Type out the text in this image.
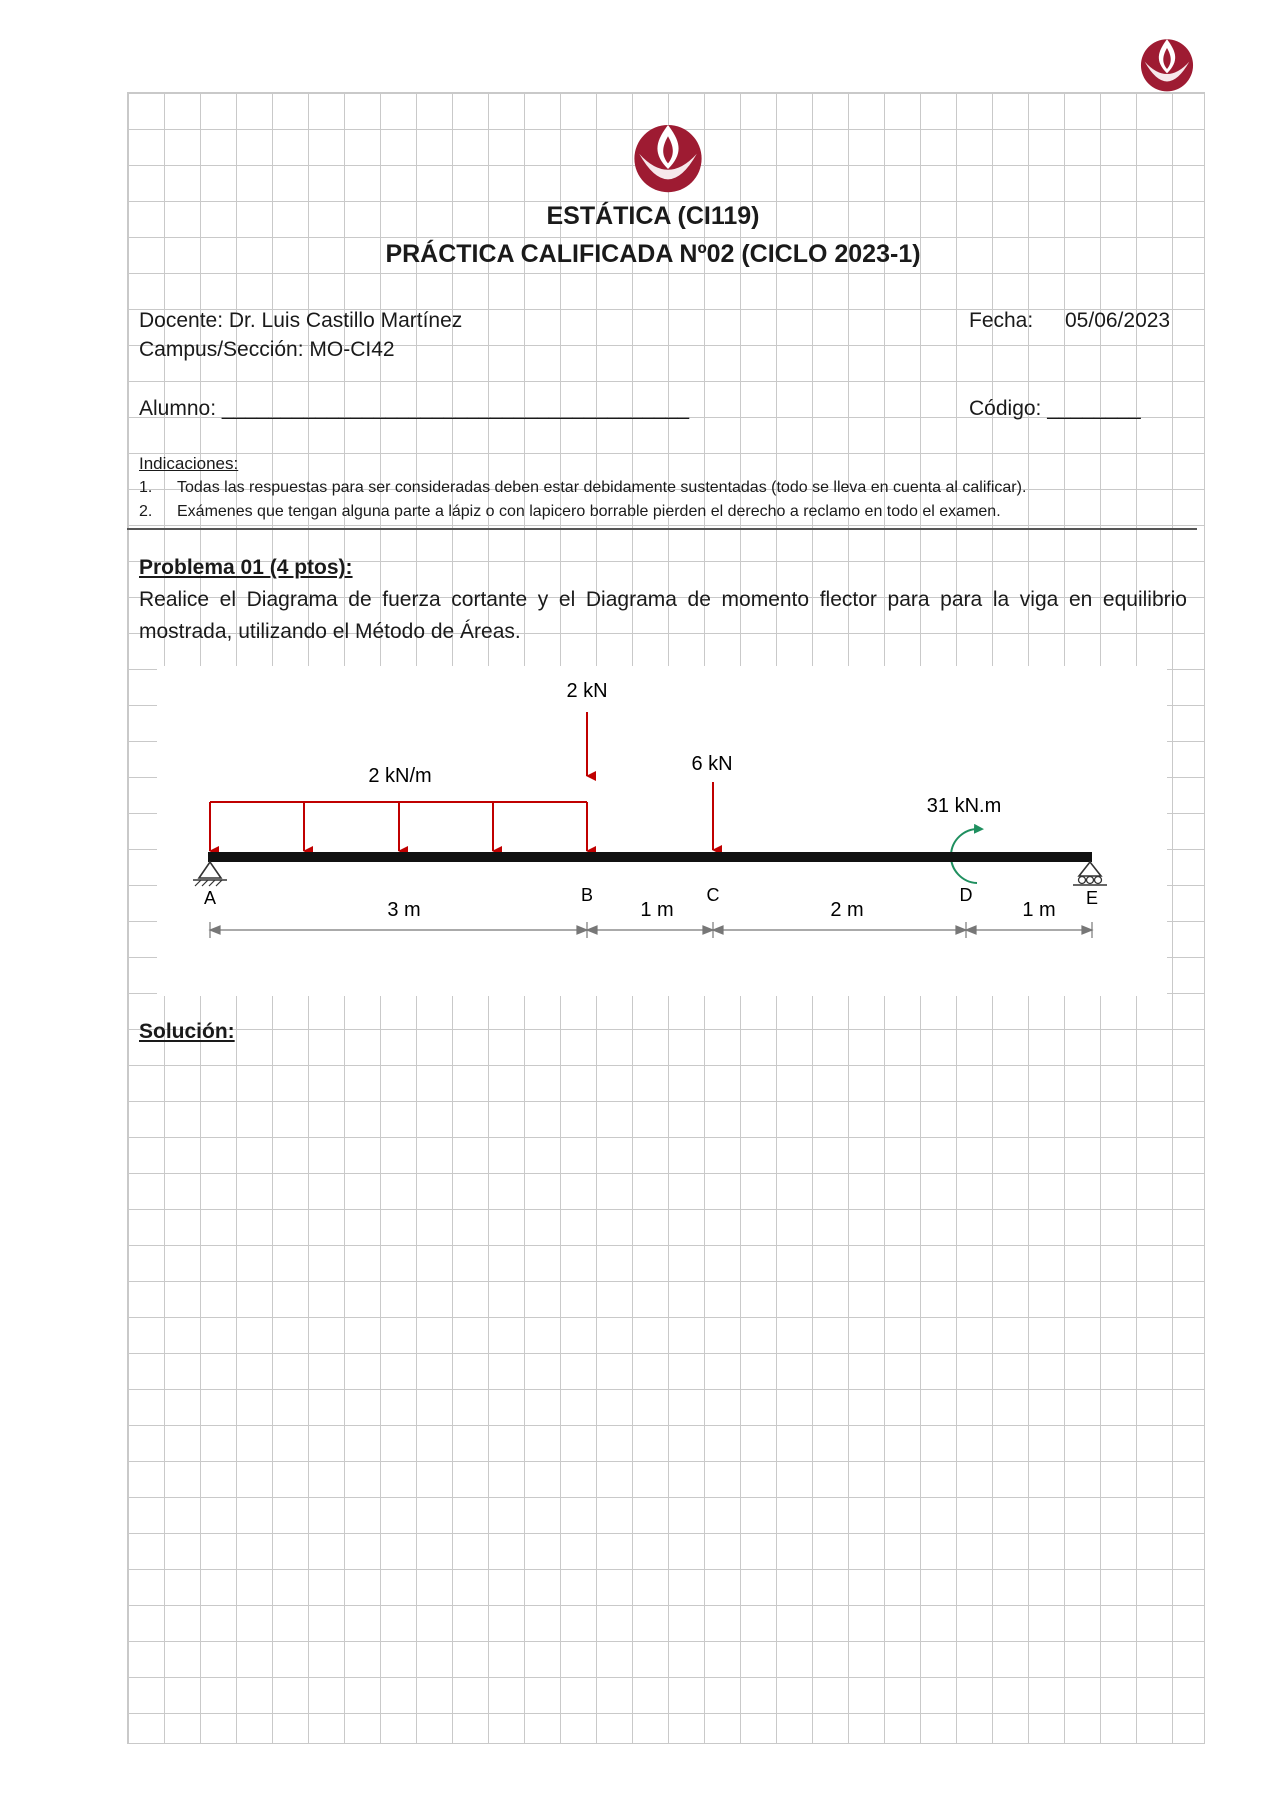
ESTÁTICA (CI119)
PRÁCTICA CALIFICADA Nº02 (CICLO 2023-1)
Docente: Dr. Luis Castillo Martínez
Campus/Sección: MO-CI42
Fecha: 05/06/2023
Alumno: ________________________________________	Código: ________
Indicaciones:
1. Todas las respuestas para ser consideradas deben estar debidamente sustentadas (todo se lleva en cuenta al calificar).
2. Exámenes que tengan alguna parte a lápiz o con lapicero borrable pierden el derecho a reclamo en todo el examen.
Problema 01 (4 ptos):
Realice el Diagrama de fuerza cortante y el Diagrama de momento flector para para la viga en equilibrio mostrada, utilizando el Método de Áreas.
2 kN
2 kN/m
6 kN
31 kN.m
A	B	C	D	E
3 m	1 m	2 m	1 m
Solución:
